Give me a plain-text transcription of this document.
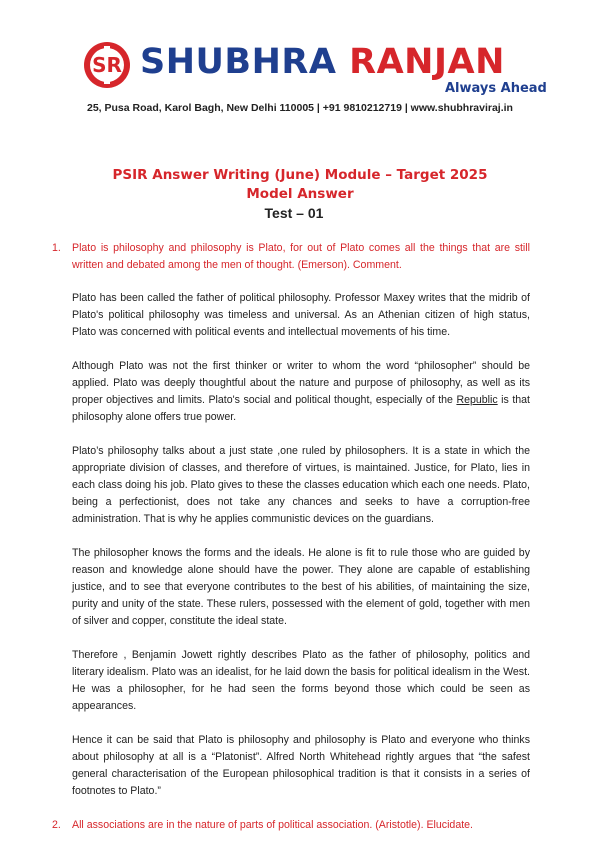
SR SHUBHRA RANJAN
Always Ahead
25, Pusa Road, Karol Bagh, New Delhi 110005 | +91 9810212719 | www.shubhraviraj.in
PSIR Answer Writing (June) Module – Target 2025
Model Answer
Test – 01
1. Plato is philosophy and philosophy is Plato, for out of Plato comes all the things that are still written and debated among the men of thought. (Emerson). Comment.

Plato has been called the father of political philosophy. Professor Maxey writes that the midrib of Plato's political philosophy was timeless and universal. As an Athenian citizen of high status, Plato was concerned with political events and intellectual movements of his time.

Although Plato was not the first thinker or writer to whom the word “philosopher” should be applied. Plato was deeply thoughtful about the nature and purpose of philosophy, as well as its proper objectives and limits. Plato's social and political thought, especially of the Republic is that philosophy alone offers true power.

Plato’s philosophy talks about a just state ,one ruled by philosophers. It is a state in which the appropriate division of classes, and therefore of virtues, is maintained. Justice, for Plato, lies in each class doing his job. Plato gives to these the classes education which each one needs. Plato, being a perfectionist, does not take any chances and seeks to have a corruption-free administration. That is why he applies communistic devices on the guardians.

The philosopher knows the forms and the ideals. He alone is fit to rule those who are guided by reason and knowledge alone should have the power. They alone are capable of establishing justice, and to see that everyone contributes to the best of his abilities, of maintaining the size, purity and unity of the state. These rulers, possessed with the element of gold, together with men of silver and copper, constitute the ideal state.

Therefore , Benjamin Jowett rightly describes Plato as the father of philosophy, politics and literary idealism. Plato was an idealist, for he laid down the basis for political idealism in the West. He was a philosopher, for he had seen the forms beyond those which could be seen as appearances.

Hence it can be said that Plato is philosophy and philosophy is Plato and everyone who thinks about philosophy at all is a “Platonist”. Alfred North Whitehead rightly argues that “the safest general characterisation of the European philosophical tradition is that it consists in a series of footnotes to Plato.”

2. All associations are in the nature of parts of political association. (Aristotle). Elucidate.
